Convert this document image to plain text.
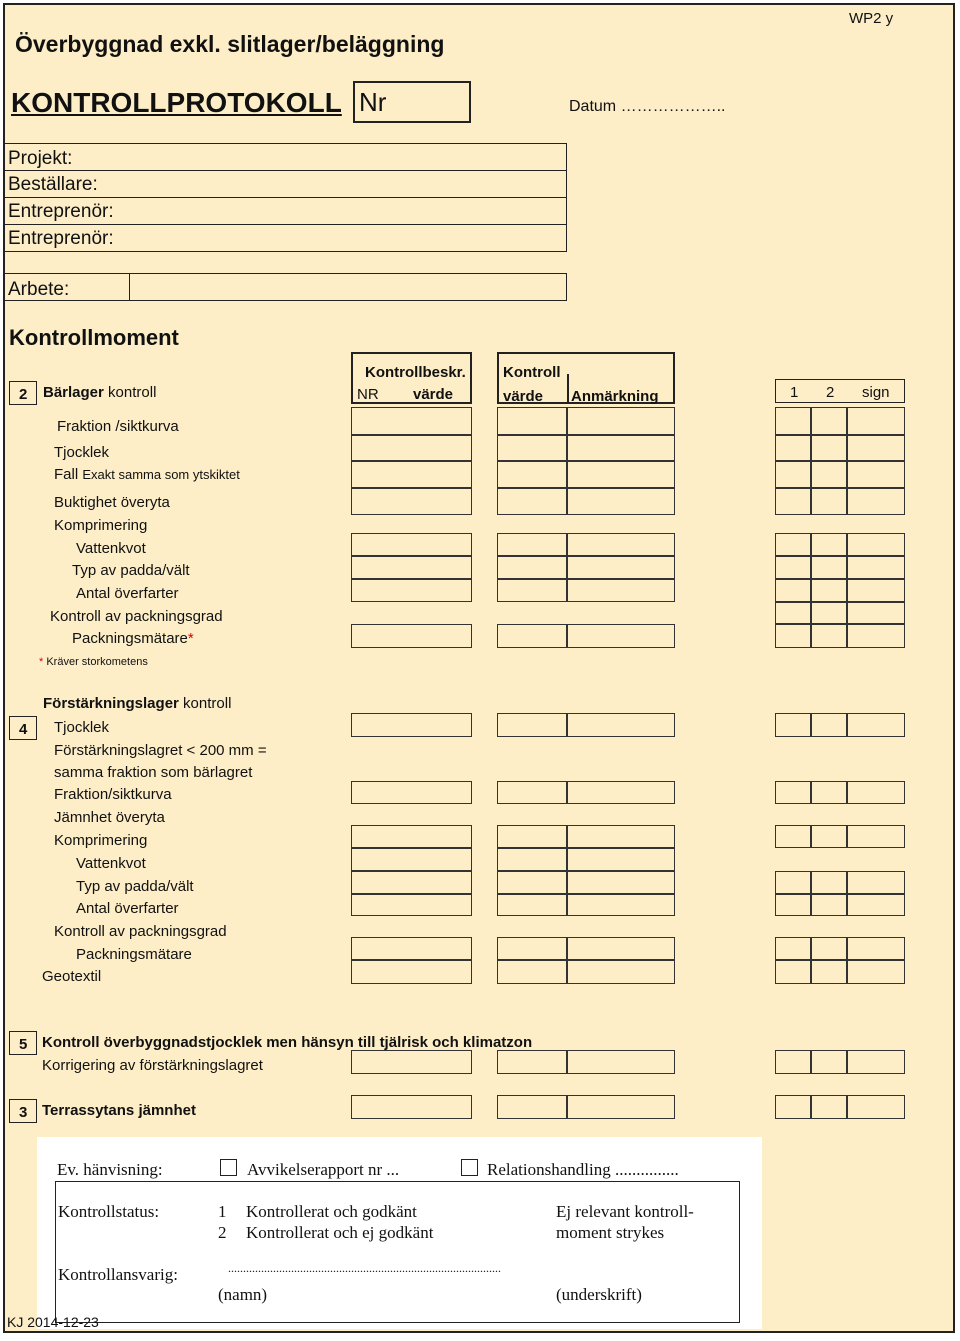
WP2 y
Överbyggnad exkl. slitlager/beläggning
KONTROLLPROTOKOLL Nr	Datum ………………..
Projekt:
Beställare:
Entreprenör:
Entreprenör:
Arbete:
Kontrollmoment
Kontrollbeskr.
NR värde
Kontroll
värde Anmärkning	1 2 sign
2 Bärlager kontroll
Fraktion /siktkurva
Tjocklek
Fall Exakt samma som ytskiktet
Buktighet överyta
Komprimering
Vattenkvot
Typ av padda/vält
Antal överfarter
Kontroll av packningsgrad
Packningsmätare*
* Kräver storkometens
Förstärkningslager kontroll
4 Tjocklek
Förstärkningslagret < 200 mm =
samma fraktion som bärlagret
Fraktion/siktkurva
Jämnhet överyta
Komprimering
Vattenkvot
Typ av padda/vält
Antal överfarter
Kontroll av packningsgrad
Packningsmätare
Geotextil
5 Kontroll överbyggnadstjocklek men hänsyn till tjälrisk och klimatzon
Korrigering av förstärkningslagret
3 Terrassytans jämnhet
Ev. hänvisning:	Avvikelserapport nr ...	Relationshandling ...............
Kontrollstatus:	1 Kontrollerat och godkänt
2 Kontrollerat och ej godkänt
Ej relevant kontroll-
moment strykes
Kontrollansvarig:	...........................................................................................
(namn)	(underskrift)
KJ 2014-12-23
